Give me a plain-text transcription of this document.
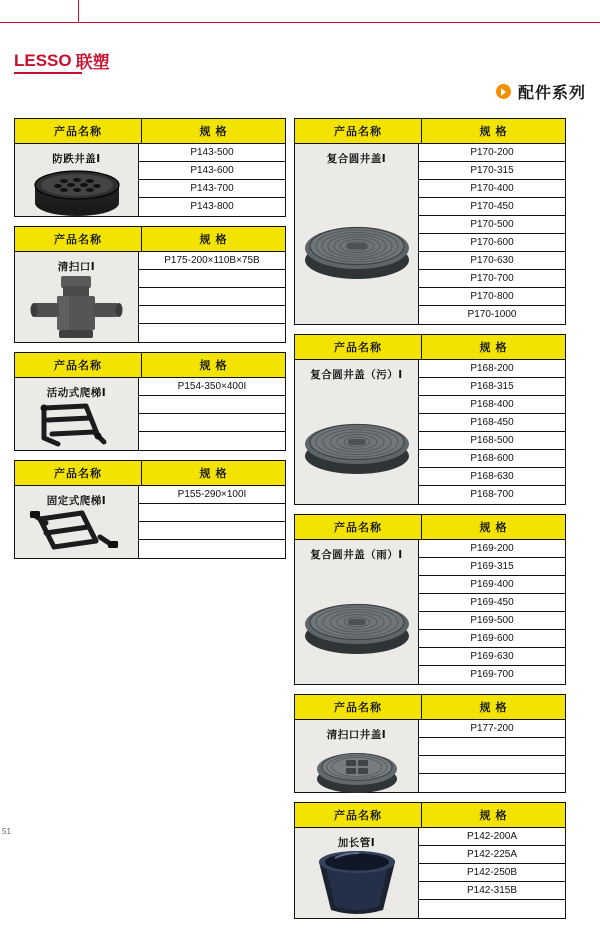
LESSO 联塑
配件系列
产品名称	规 格
防跌井盖Ⅰ
P143-500
P143-600
P143-700
P143-800
产品名称	规 格
清扫口Ⅰ
P175-200×110B×75B
产品名称	规 格
活动式爬梯Ⅰ
P154-350×400I
产品名称	规 格
固定式爬梯Ⅰ
P155-290×100I
产品名称	规 格
复合圆井盖Ⅰ
P170-200
P170-315
P170-400
P170-450
P170-500
P170-600
P170-630
P170-700
P170-800
P170-1000
产品名称	规 格
复合圆井盖（污）Ⅰ
P168-200
P168-315
P168-400
P168-450
P168-500
P168-600
P168-630
P168-700
产品名称	规 格
复合圆井盖（雨）Ⅰ
P169-200
P169-315
P169-400
P169-450
P169-500
P169-600
P169-630
P169-700
产品名称	规 格
清扫口井盖Ⅰ
P177-200
产品名称	规 格
加长管Ⅰ
P142-200A
P142-225A
P142-250B
P142-315B
51
